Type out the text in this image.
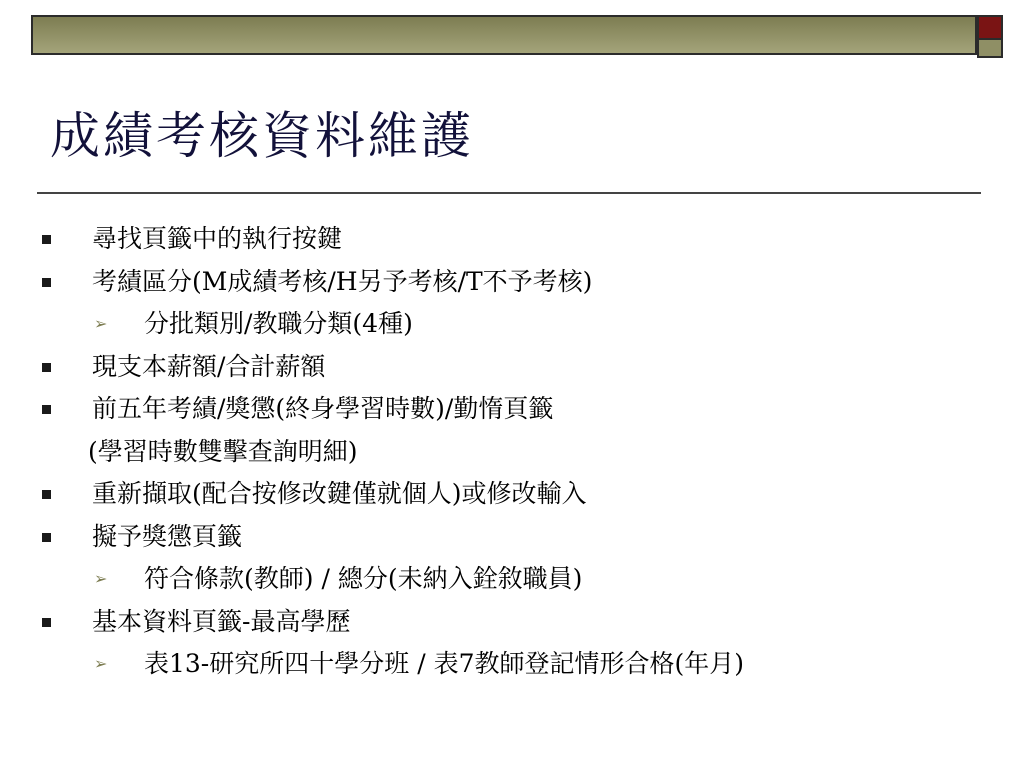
成績考核資料維護
尋找頁籤中的執行按鍵
考績區分(M成績考核/H另予考核/T不予考核)
➢ 分批類別/教職分類(4種)
現支本薪額/合計薪額
前五年考績/獎懲(終身學習時數)/勤惰頁籤
(學習時數雙擊查詢明細)
重新擷取(配合按修改鍵僅就個人)或修改輸入
擬予獎懲頁籤
➢ 符合條款(教師) / 總分(未納入銓敘職員)
基本資料頁籤-最高學歷
➢ 表13-研究所四十學分班 / 表7教師登記情形合格(年月)
